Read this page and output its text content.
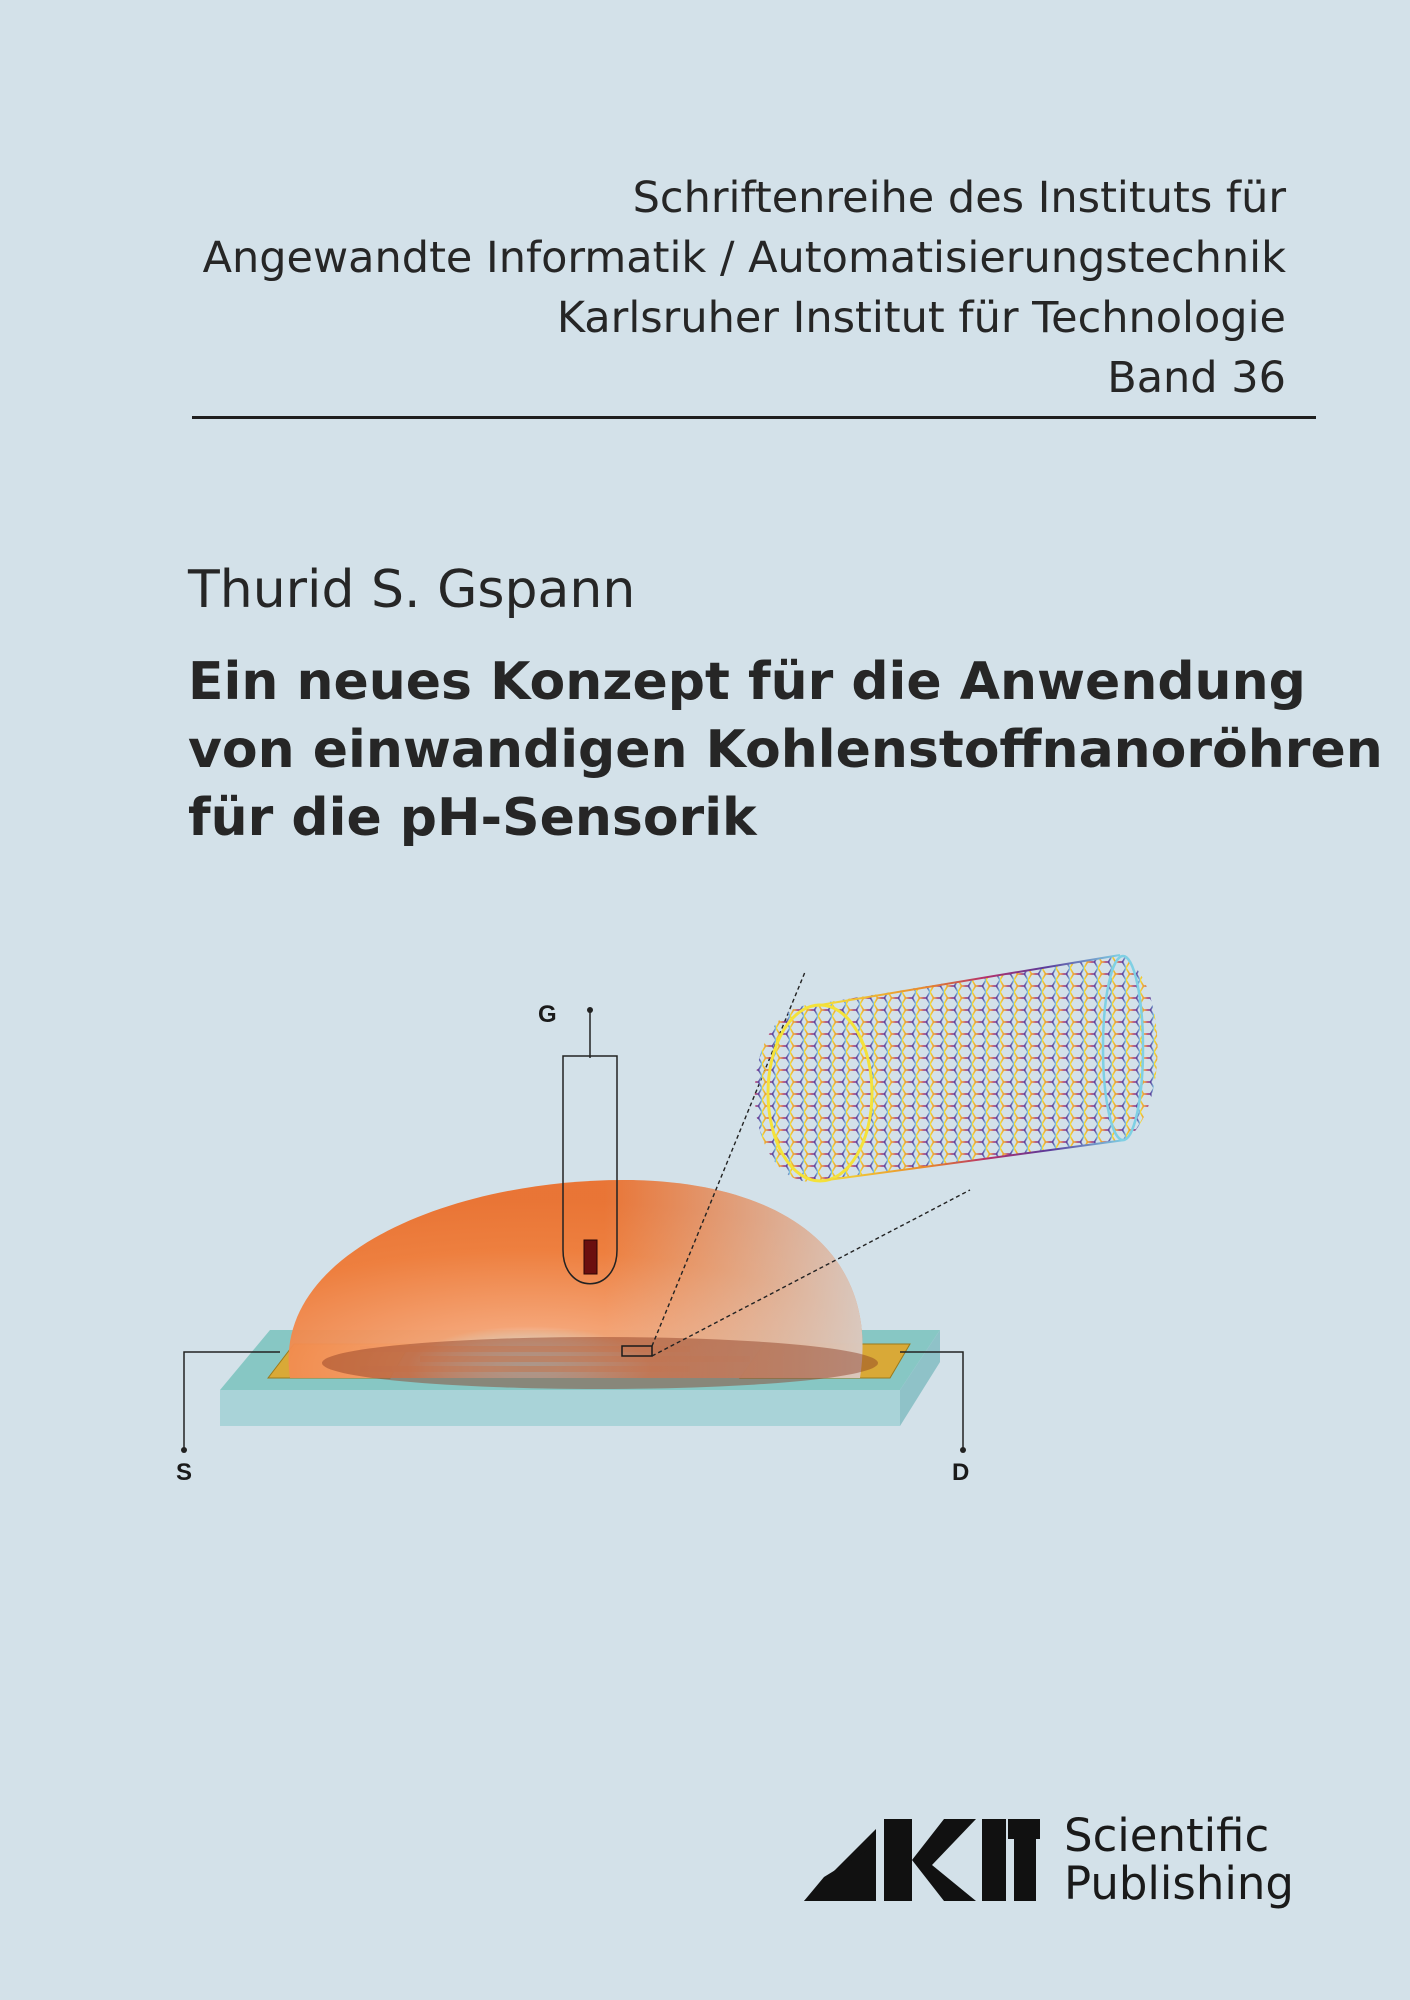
Schriftenreihe des Instituts für
Angewandte Informatik / Automatisierungstechnik
Karlsruher Institut für Technologie
Band 36
Thurid S. Gspann
Ein neues Konzept für die Anwendung
von einwandigen Kohlenstoffnanoröhren
für die pH-Sensorik
G
S	D
Scientific
Publishing
